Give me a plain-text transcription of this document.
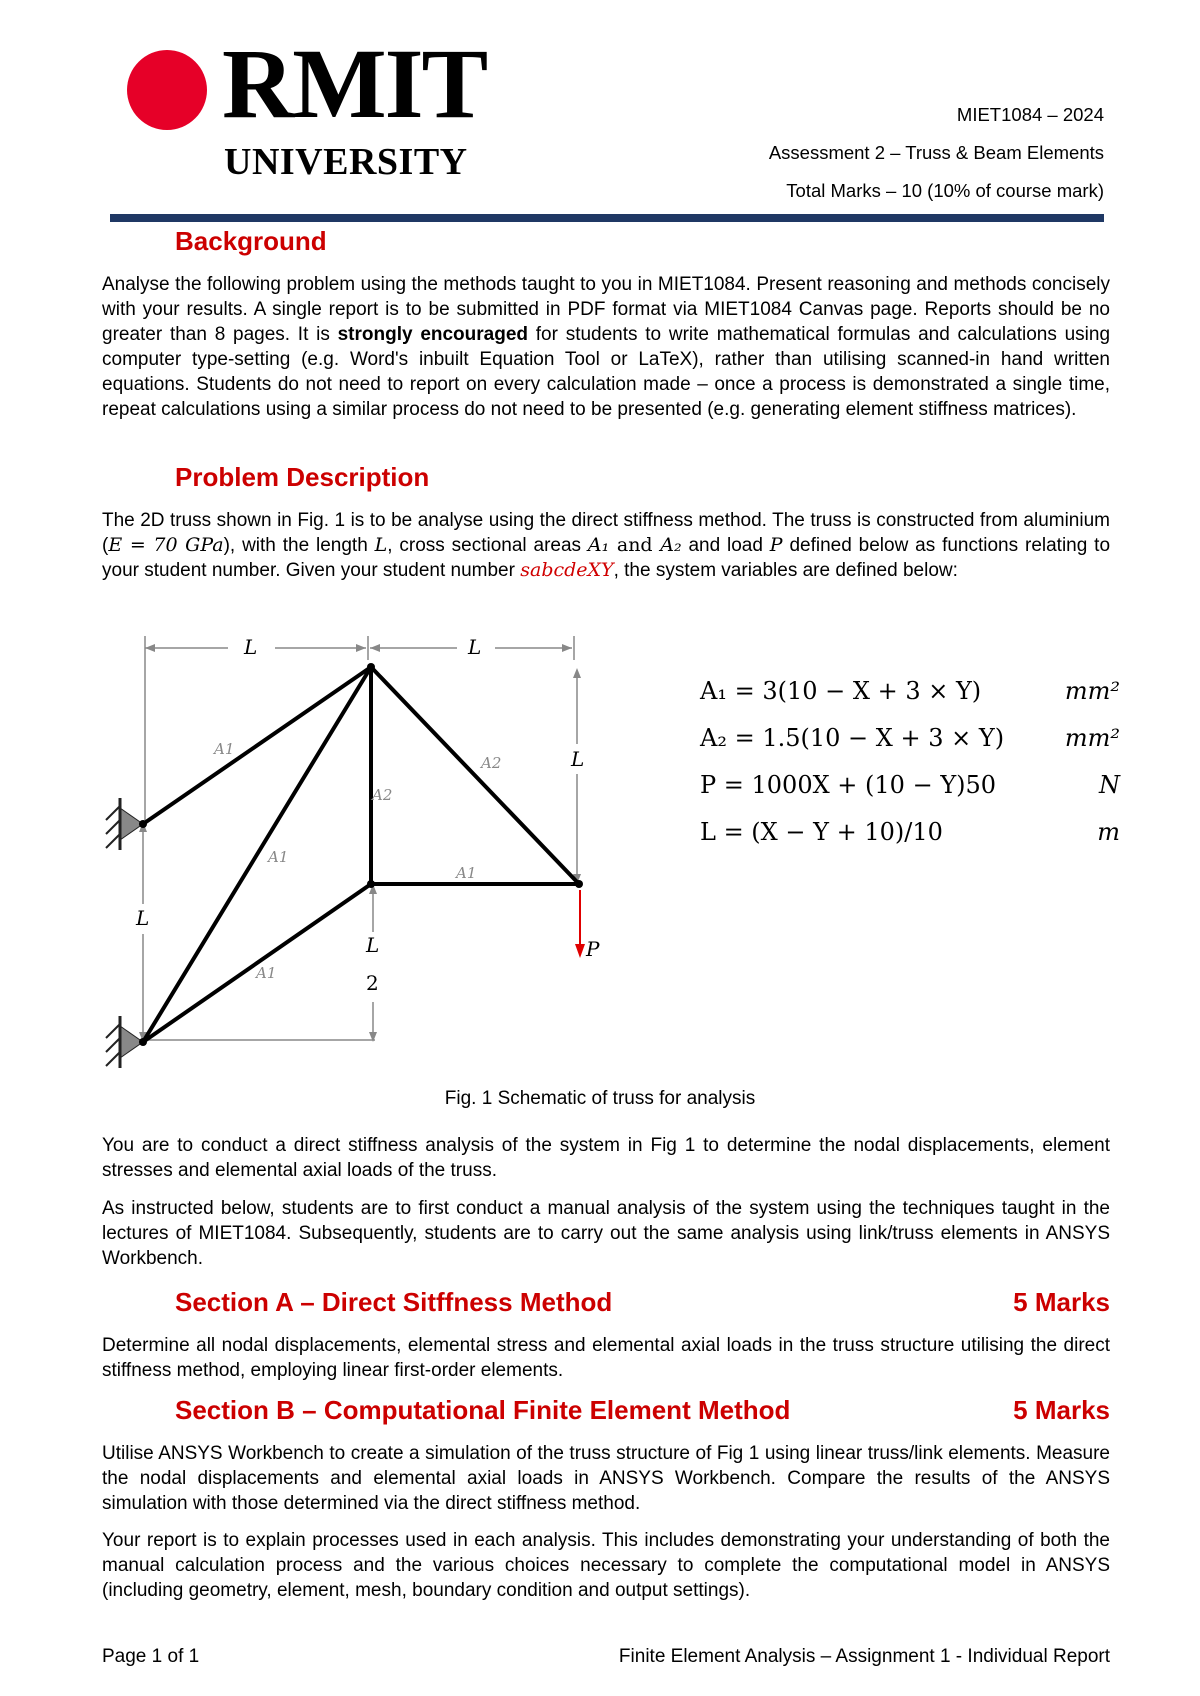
RMIT
UNIVERSITY
MIET1084 – 2024
Assessment 2 – Truss & Beam Elements
Total Marks – 10 (10% of course mark)
Background
Analyse the following problem using the methods taught to you in MIET1084. Present reasoning and methods concisely with your results. A single report is to be submitted in PDF format via MIET1084 Canvas page. Reports should be no greater than 8 pages. It is strongly encouraged for students to write mathematical formulas and calculations using computer type-setting (e.g. Word's inbuilt Equation Tool or LaTeX), rather than utilising scanned-in hand written equations. Students do not need to report on every calculation made – once a process is demonstrated a single time, repeat calculations using a similar process do not need to be presented (e.g. generating element stiffness matrices).
Problem Description
The 2D truss shown in Fig. 1 is to be analyse using the direct stiffness method. The truss is constructed from aluminium (E = 70 GPa), with the length L, cross sectional areas A₁ and A₂ and load P defined below as functions relating to your student number. Given your student number sabcdeXY, the system variables are defined below:
L	L
L
L
L
2
P
A1
A2
A2
A1
A1
A1
A₁ = 3(10 − X + 3 × Y)	mm²
A₂ = 1.5(10 − X + 3 × Y)	mm²
P = 1000X + (10 − Y)50	N
L = (X − Y + 10)/10	m
Fig. 1 Schematic of truss for analysis
You are to conduct a direct stiffness analysis of the system in Fig 1 to determine the nodal displacements, element stresses and elemental axial loads of the truss.
As instructed below, students are to first conduct a manual analysis of the system using the techniques taught in the lectures of MIET1084. Subsequently, students are to carry out the same analysis using link/truss elements in ANSYS Workbench.
Section A – Direct Sitffness Method	5 Marks
Determine all nodal displacements, elemental stress and elemental axial loads in the truss structure utilising the direct stiffness method, employing linear first-order elements.
Section B – Computational Finite Element Method	5 Marks
Utilise ANSYS Workbench to create a simulation of the truss structure of Fig 1 using linear truss/link elements. Measure the nodal displacements and elemental axial loads in ANSYS Workbench. Compare the results of the ANSYS simulation with those determined via the direct stiffness method.
Your report is to explain processes used in each analysis. This includes demonstrating your understanding of both the manual calculation process and the various choices necessary to complete the computational model in ANSYS (including geometry, element, mesh, boundary condition and output settings).
Page 1 of 1	Finite Element Analysis – Assignment 1 - Individual Report
